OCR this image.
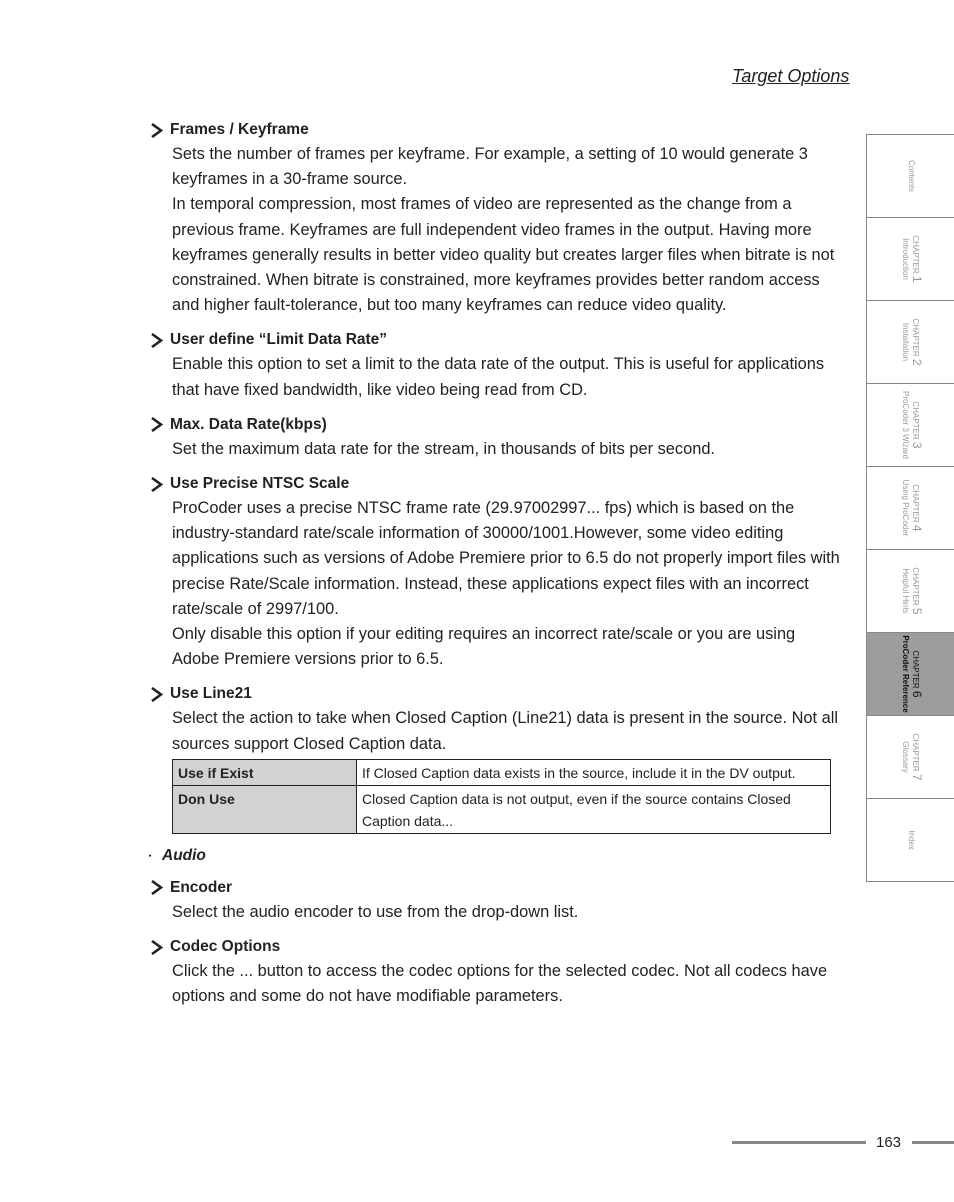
Target Options
Frames / Keyframe

Sets the number of frames per keyframe. For example, a setting of 10 would generate 3 keyframes in a 30-frame source.

In temporal compression, most frames of video are represented as the change from a previous frame. Keyframes are full independent video frames in the output. Having more keyframes generally results in better video quality but creates larger files when bitrate is not constrained. When bitrate is constrained, more keyframes provides better random access and higher fault-tolerance, but too many keyframes can reduce video quality.

User define “Limit Data Rate”

Enable this option to set a limit to the data rate of the output. This is useful for applications that have fixed bandwidth, like video being read from CD.

Max. Data Rate(kbps)

Set the maximum data rate for the stream, in thousands of bits per second.

Use Precise NTSC Scale

ProCoder uses a precise NTSC frame rate (29.97002997... fps) which is based on the industry-standard rate/scale information of 30000/1001.However, some video editing applications such as versions of Adobe Premiere prior to 6.5 do not properly import files with precise Rate/Scale information. Instead, these applications expect files with an incorrect rate/scale of 2997/100.

Only disable this option if your editing requires an incorrect rate/scale or you are using Adobe Premiere versions prior to 6.5.

Use Line21

Select the action to take when Closed Caption (Line21) data is present in the source. Not all sources support Closed Caption data.

Use if Exist	If Closed Caption data exists in the source, include it in the DV output.
Don Use	Closed Caption data is not output, even if the source contains Closed Caption data...
・ Audio
Encoder

Select the audio encoder to use from the drop-down list.

Codec Options

Click the ... button to access the codec options for the selected codec. Not all codecs have options and some do not have modifiable parameters.

Contents
CHAPTER 1
Introduction
CHAPTER 2
Installation
CHAPTER 3
ProCoder 3 Wizard
CHAPTER 4
Using ProCoder
CHAPTER 5
Helpful Hints
CHAPTER 6
ProCoder Reference
CHAPTER 7
Glossary
Index
163
